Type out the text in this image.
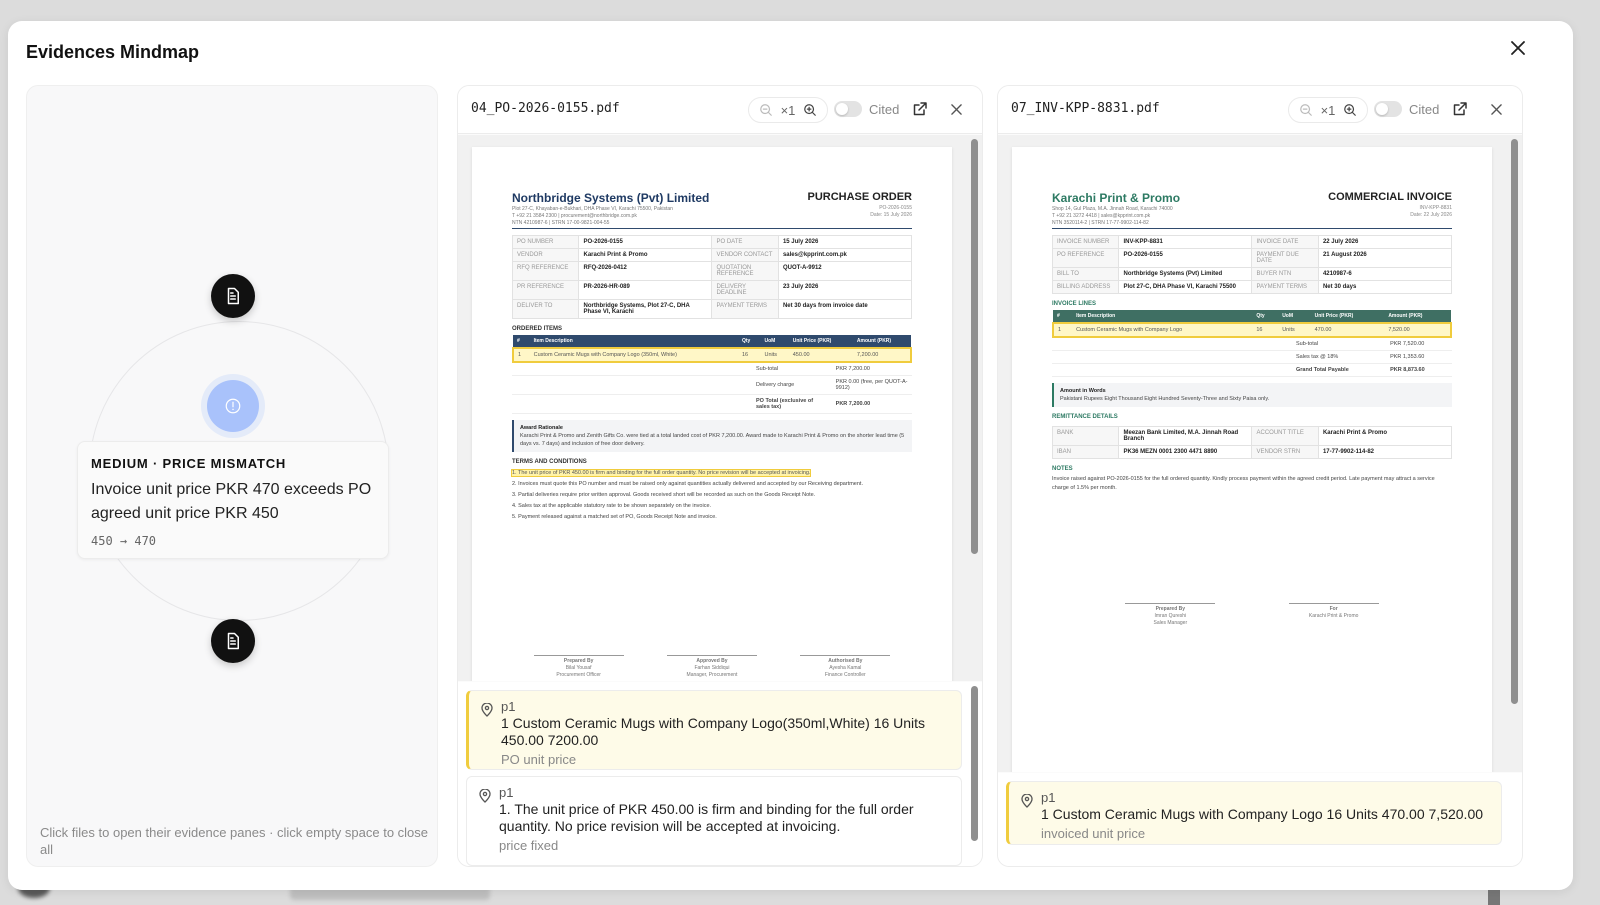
Evidences Mindmap
MEDIUM · PRICE MISMATCH
Invoice unit price PKR 470 exceeds PO agreed unit price PKR 450
450 → 470
Click files to open their evidence panes · click empty space to close all
04_PO-2026-0155.pdf	×1	Cited
Northbridge Systems (Pvt) Limited
Plot 27-C, Khayaban-e-Bukhari, DHA Phase VI, Karachi 75500, Pakistan
T +92 21 3584 2300 | procurement@northbridge.com.pk
NTN 4210987-6 | STRN 17-00-9821-004-55
PURCHASE ORDER
PO-2026-0155
Date: 15 July 2026
PO NUMBER	PO-2026-0155	PO DATE	15 July 2026
VENDOR	Karachi Print & Promo	VENDOR CONTACT	sales@kpprint.com.pk
RFQ REFERENCE	RFQ-2026-0412	QUOTATION REFERENCE	QUOT-A-9912
PR REFERENCE	PR-2026-HR-089	DELIVERY DEADLINE	23 July 2026
DELIVER TO	Northbridge Systems, Plot 27-C, DHA Phase VI, Karachi	PAYMENT TERMS	Net 30 days from invoice date
ORDERED ITEMS
#	Item Description	Qty	UoM	Unit Price (PKR)	Amount (PKR)
1	Custom Ceramic Mugs with Company Logo (350ml, White)	16	Units	450.00	7,200.00
	Sub-total	PKR 7,200.00
	Delivery charge	PKR 0.00 (free, per QUOT-A-9912)
	PO Total (exclusive of sales tax)	PKR 7,200.00
Award Rationale
Karachi Print & Promo and Zenith Gifts Co. were tied at a total landed cost of PKR 7,200.00. Award made to Karachi Print & Promo on the shorter lead time (5 days vs. 7 days) and inclusion of free door delivery.
TERMS AND CONDITIONS
1. The unit price of PKR 450.00 is firm and binding for the full order quantity. No price revision will be accepted at invoicing.
2. Invoices must quote this PO number and must be raised only against quantities actually delivered and accepted by our Receiving department.
3. Partial deliveries require prior written approval. Goods received short will be recorded as such on the Goods Receipt Note.
4. Sales tax at the applicable statutory rate to be shown separately on the invoice.
5. Payment released against a matched set of PO, Goods Receipt Note and invoice.
Prepared By
Bilal Yousaf
Procurement Officer
Approved By
Farhan Siddiqui
Manager, Procurement
Authorised By
Ayesha Kamal
Finance Controller
p1
1 Custom Ceramic Mugs with Company Logo(350ml,White) 16 Units 450.00 7200.00
PO unit price
p1
1. The unit price of PKR 450.00 is firm and binding for the full order quantity. No price revision will be accepted at invoicing.
price fixed
07_INV-KPP-8831.pdf	×1	Cited
Karachi Print & Promo
Shop 14, Gul Plaza, M.A. Jinnah Road, Karachi 74000
T +92 21 3272 4418 | sales@kpprint.com.pk
NTN 3520114-2 | STRN 17-77-9902-114-82
COMMERCIAL INVOICE
INV-KPP-8831
Date: 22 July 2026
INVOICE NUMBER	INV-KPP-8831	INVOICE DATE	22 July 2026
PO REFERENCE	PO-2026-0155	PAYMENT DUE DATE	21 August 2026
BILL TO	Northbridge Systems (Pvt) Limited	BUYER NTN	4210987-6
BILLING ADDRESS	Plot 27-C, DHA Phase VI, Karachi 75500	PAYMENT TERMS	Net 30 days
INVOICE LINES
#	Item Description	Qty	UoM	Unit Price (PKR)	Amount (PKR)
1	Custom Ceramic Mugs with Company Logo	16	Units	470.00	7,520.00
	Sub-total	PKR 7,520.00
	Sales tax @ 18%	PKR 1,353.60
	Grand Total Payable	PKR 8,873.60
Amount in Words
Pakistani Rupees Eight Thousand Eight Hundred Seventy-Three and Sixty Paisa only.
REMITTANCE DETAILS
BANK	Meezan Bank Limited, M.A. Jinnah Road Branch	ACCOUNT TITLE	Karachi Print & Promo
IBAN	PK36 MEZN 0001 2300 4471 8890	VENDOR STRN	17-77-9902-114-82
NOTES
Invoice raised against PO-2026-0155 for the full ordered quantity. Kindly process payment within the agreed credit period. Late payment may attract a service charge of 1.5% per month.
Prepared By
Imran Qureshi
Sales Manager
For
Karachi Print & Promo
p1
1 Custom Ceramic Mugs with Company Logo 16 Units 470.00 7,520.00
invoiced unit price
